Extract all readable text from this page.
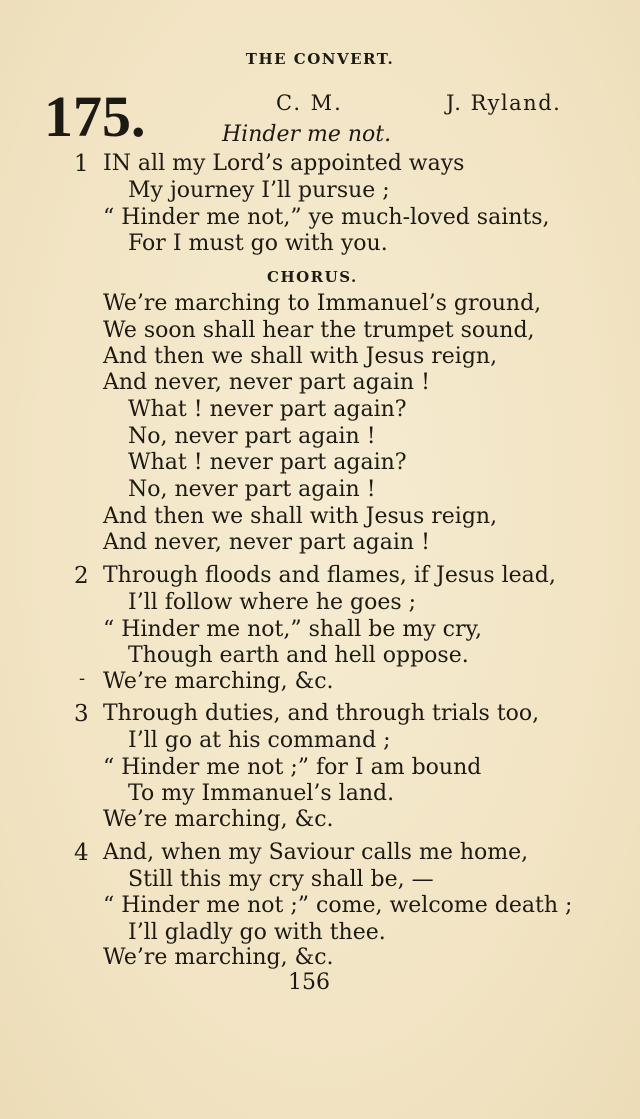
THE CONVERT.
175.	C. M.	J. Ryland.
Hinder me not.
1 IN all my Lord’s appointed ways
My journey I’ll pursue ;
“ Hinder me not,” ye much-loved saints,
For I must go with you.
CHORUS.
We’re marching to Immanuel’s ground,
We soon shall hear the trumpet sound,
And then we shall with Jesus reign,
And never, never part again !
What ! never part again?
No, never part again !
What ! never part again?
No, never part again !
And then we shall with Jesus reign,
And never, never part again !
2 Through floods and flames, if Jesus lead,
I’ll follow where he goes ;
“ Hinder me not,” shall be my cry,
Though earth and hell oppose.
- We’re marching, &c.
3 Through duties, and through trials too,
I’ll go at his command ;
“ Hinder me not ;” for I am bound
To my Immanuel’s land.
We’re marching, &c.
4 And, when my Saviour calls me home,
Still this my cry shall be, —
“ Hinder me not ;” come, welcome death ;
I’ll gladly go with thee.
We’re marching, &c.
156
